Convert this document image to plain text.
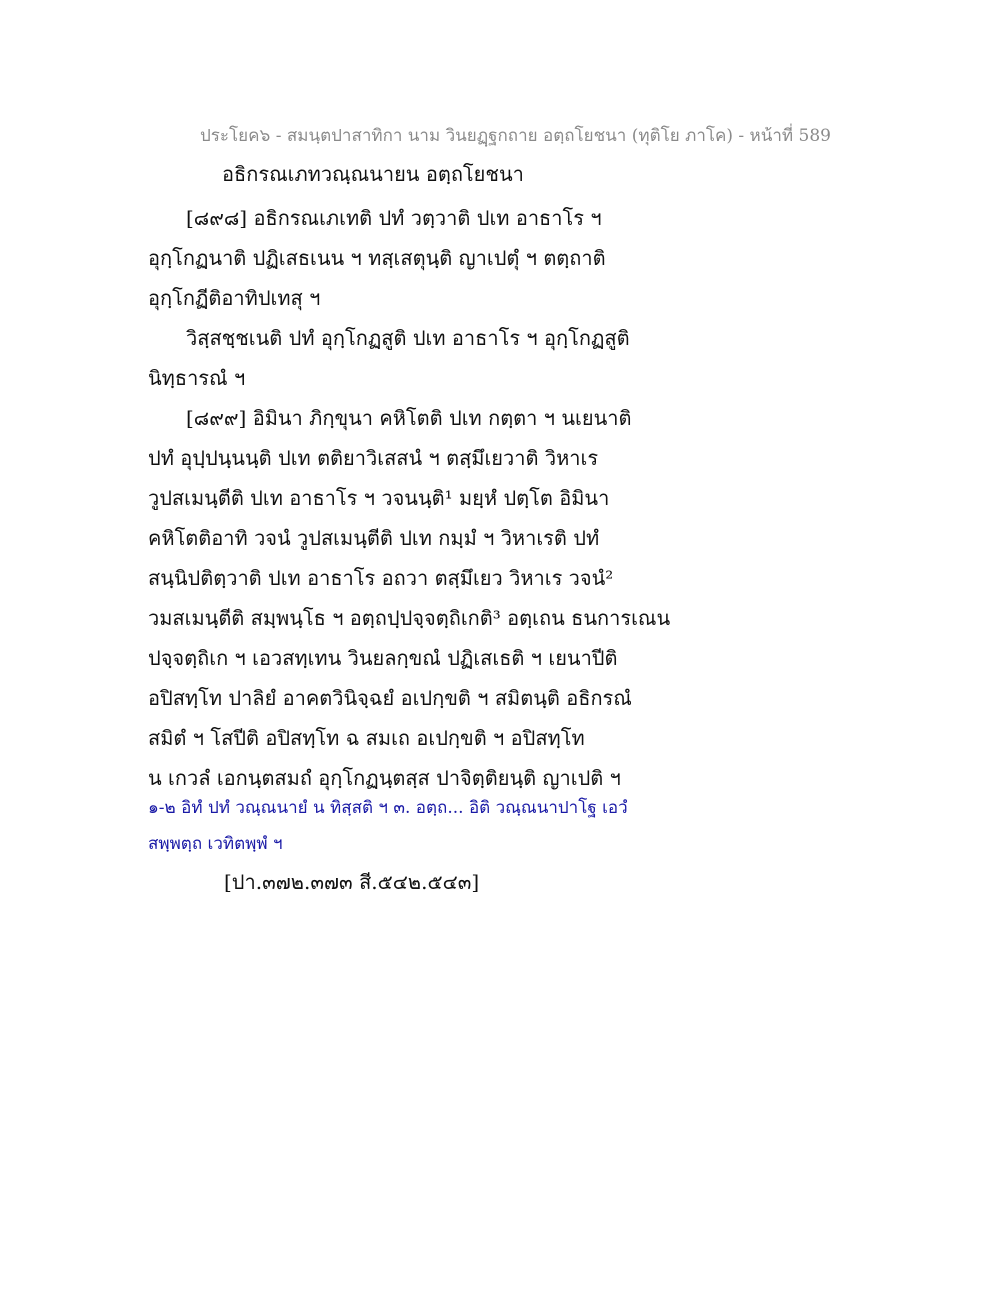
ประโยค๖ - สมนฺตปาสาทิกา นาม วินยฏฺฐกถาย อตฺถโยชนา (ทุติโย ภาโค) - หน้าที่ 589
อธิกรณเภทวณฺณนายน อตฺถโยชนา
[๘๙๘] อธิกรณเภเทติ ปทํ วตฺวาติ ปเท อาธาโร ฯ
อุกฺโกฏนาติ ปฏิเสธเนน ฯ ทสฺเสตุนฺติ ญาเปตุํ ฯ ตตฺถาติ
อุกฺโกฏีติอาทิปเทสุ ฯ
วิสฺสชฺชเนติ ปทํ อุกฺโกฏสูติ ปเท อาธาโร ฯ อุกฺโกฏสูติ
นิทฺธารณํ ฯ
[๘๙๙] อิมินา ภิกฺขุนา คหิโตติ ปเท กตฺตา ฯ นเยนาติ
ปทํ อุปฺปนฺนนฺติ ปเท ตติยาวิเสสนํ ฯ ตสฺมึเยวาติ วิหาเร
วูปสเมนฺตีติ ปเท อาธาโร ฯ วจนนฺติ¹ มยฺหํ ปตฺโต อิมินา
คหิโตติอาทิ วจนํ วูปสเมนฺตีติ ปเท กมฺมํ ฯ วิหาเรติ ปทํ
สนฺนิปติตฺวาติ ปเท อาธาโร อถวา ตสฺมึเยว วิหาเร วจนํ²
วมสเมนฺตีติ สมฺพนฺโธ ฯ อตฺถปฺปจฺจตฺถิเกติ³ อตฺเถน ธนการเณน
ปจฺจตฺถิเก ฯ เอวสทฺเทน วินยลกฺขณํ ปฏิเสเธติ ฯ เยนาปีติ
อปิสทฺโท ปาลิยํ อาคตวินิจฺฉยํ อเปกฺขติ ฯ สมิตนฺติ อธิกรณํ
สมิตํ ฯ โสปีติ อปิสทฺโท ฉ สมเถ อเปกฺขติ ฯ อปิสทฺโท
น เกวลํ เอกนฺตสมถํ อุกฺโกฏนฺตสฺส ปาจิตฺติยนฺติ ญาเปติ ฯ
๑-๒ อิทํ ปทํ วณฺณนายํ น ทิสฺสติ ฯ ๓. อตฺถ... อิติ วณฺณนาปาโฐ เอวํ
สพฺพตฺถ เวทิตพฺพํ ฯ
[ปา.๓๗๒.๓๗๓ สี.๕๔๒.๕๔๓]
